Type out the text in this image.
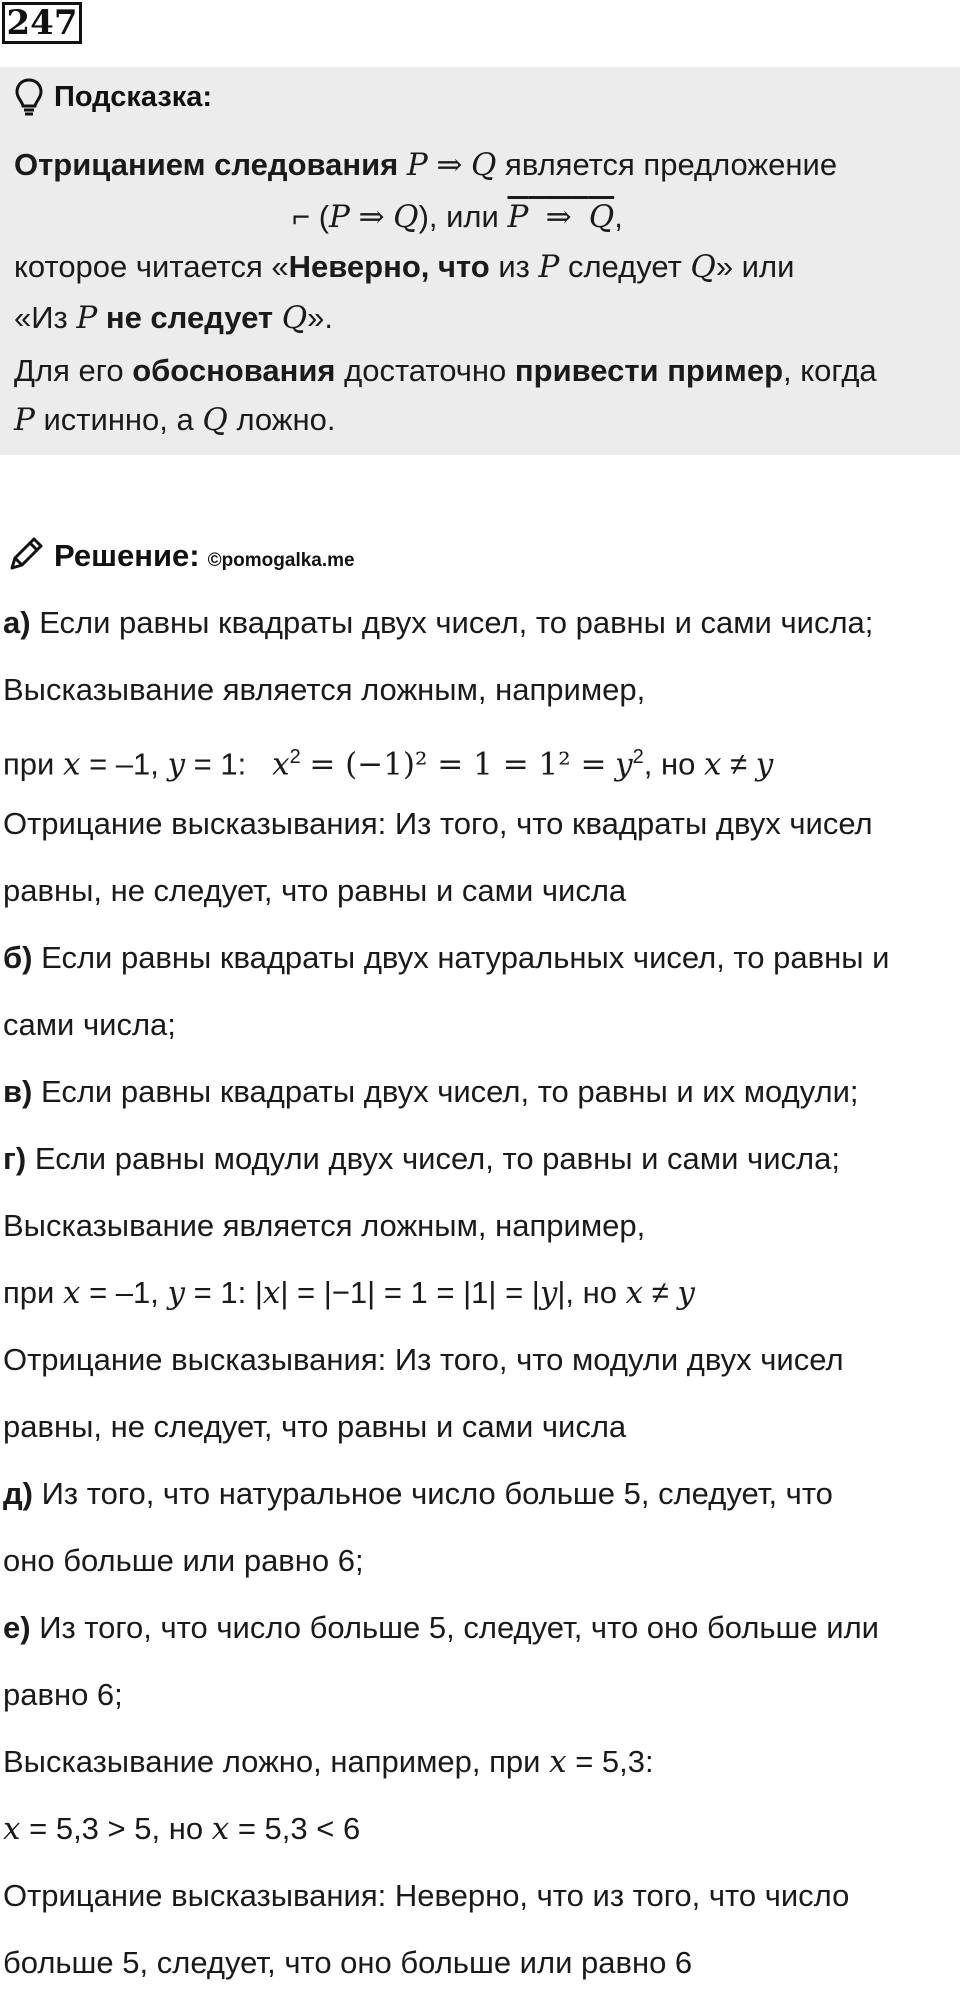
247
Подсказка:
Отрицанием следования P ⇒ Q является предложение
⌐ (P ⇒ Q), или P ⇒ Q,
которое читается «Неверно, что из P следует Q» или
«Из P не следует Q».
Для его обоснования достаточно привести пример, когда
P истинно, а Q ложно.
Решение: ©pomogalka.me
а) Если равны квадраты двух чисел, то равны и сами числа;
Высказывание является ложным, например,
при x = –1, y = 1: $x^2 = (-1)^2 = 1 = 1^2 = y^2$, но x ≠ y
Отрицание высказывания: Из того, что квадраты двух чисел
равны, не следует, что равны и сами числа
б) Если равны квадраты двух натуральных чисел, то равны и
сами числа;
в) Если равны квадраты двух чисел, то равны и их модули;
г) Если равны модули двух чисел, то равны и сами числа;
Высказывание является ложным, например,
при x = –1, y = 1: |x| = |−1| = 1 = |1| = |y|, но x ≠ y
Отрицание высказывания: Из того, что модули двух чисел
равны, не следует, что равны и сами числа
д) Из того, что натуральное число больше 5, следует, что
оно больше или равно 6;
е) Из того, что число больше 5, следует, что оно больше или
равно 6;
Высказывание ложно, например, при x = 5,3:
x = 5,3 > 5, но x = 5,3 < 6
Отрицание высказывания: Неверно, что из того, что число
больше 5, следует, что оно больше или равно 6
